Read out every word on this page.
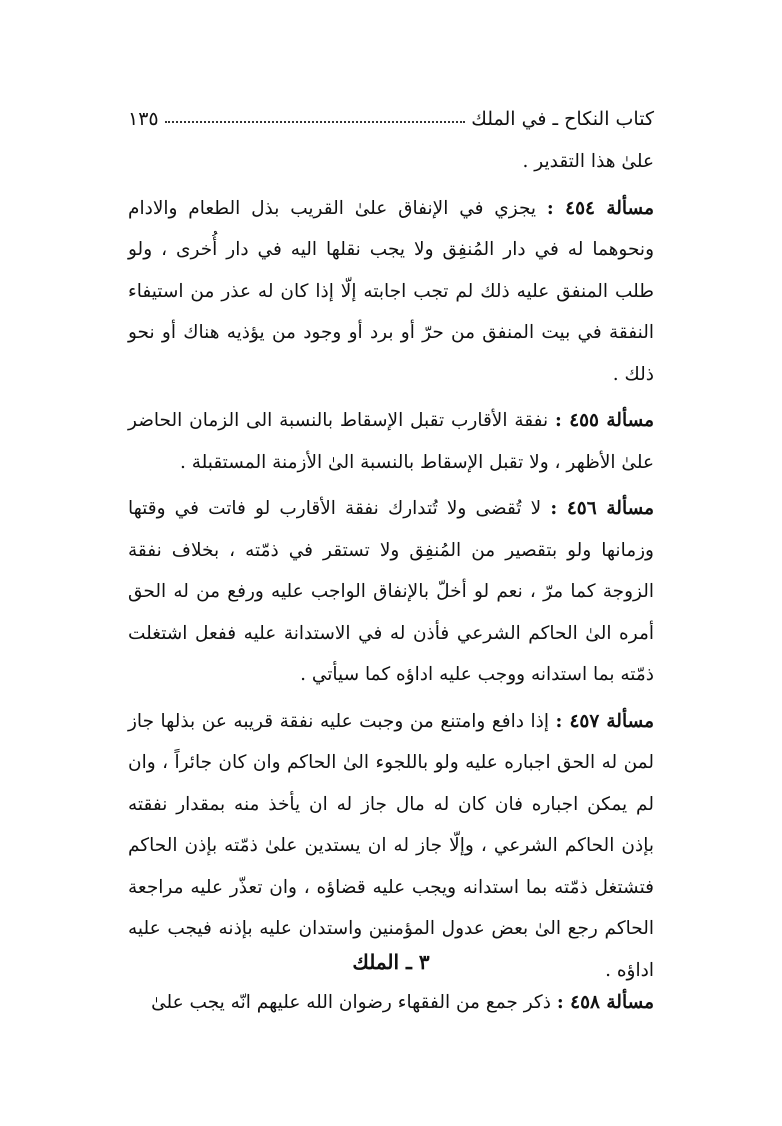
كتاب النكاح ـ في الملك
١٣٥

علىٰ هذا التقدير .

مسألة ٤٥٤ : يجزي في الإنفاق علىٰ القريب بذل الطعام والادام ونحوهما له في دار المُنفِق ولا يجب نقلها اليه في دار أُخرى ، ولو طلب المنفق عليه ذلك لم تجب اجابته إلّا إذا كان له عذر من استيفاء النفقة في بيت المنفق من حرّ أو برد أو وجود من يؤذيه هناك أو نحو ذلك .

مسألة ٤٥٥ : نفقة الأقارب تقبل الإسقاط بالنسبة الى الزمان الحاضر علىٰ الأظهر ، ولا تقبل الإسقاط بالنسبة الىٰ الأزمنة المستقبلة .

مسألة ٤٥٦ : لا تُقضى ولا تُتدارك نفقة الأقارب لو فاتت في وقتها وزمانها ولو بتقصير من المُنفِق ولا تستقر في ذمّته ، بخلاف نفقة الزوجة كما مرّ ، نعم لو أخلّ بالإنفاق الواجب عليه ورفع من له الحق أمره الىٰ الحاكم الشرعي فأذن له في الاستدانة عليه ففعل اشتغلت ذمّته بما استدانه ووجب عليه اداؤه كما سيأتي .

مسألة ٤٥٧ : إذا دافع وامتنع من وجبت عليه نفقة قريبه عن بذلها جاز لمن له الحق اجباره عليه ولو باللجوء الىٰ الحاكم وان كان جائراً ، وان لم يمكن اجباره فان كان له مال جاز له ان يأخذ منه بمقدار نفقته بإذن الحاكم الشرعي ، وإلّا جاز له ان يستدين علىٰ ذمّته بإذن الحاكم فتشتغل ذمّته بما استدانه ويجب عليه قضاؤه ، وان تعذّر عليه مراجعة الحاكم رجع الىٰ بعض عدول المؤمنين واستدان عليه بإذنه فيجب عليه اداؤه .

٣ ـ الملك

مسألة ٤٥٨ : ذكر جمع من الفقهاء رضوان الله عليهم انّه يجب علىٰ
